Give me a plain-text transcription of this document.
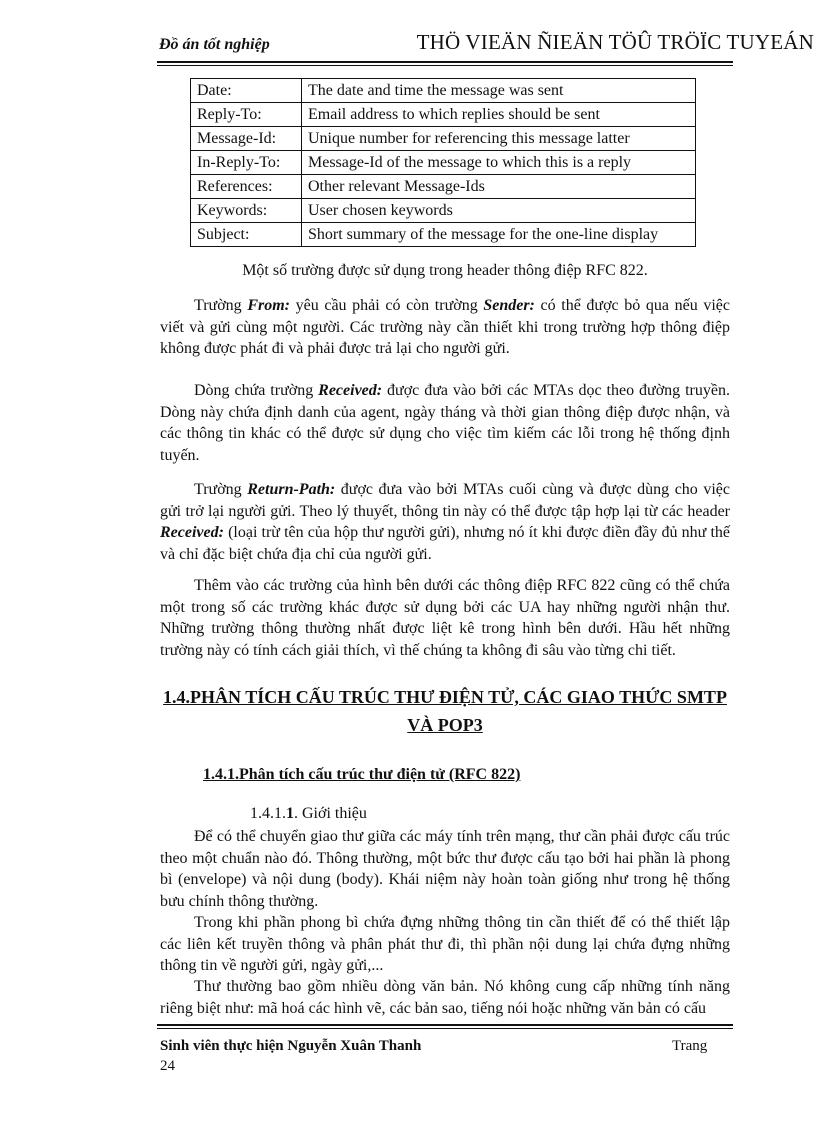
Đồ án tốt nghiệp	THÖ VIEÄN ÑIEÄN TÖÛ TRÖÏC TUYEÁN
Date:	The date and time the message was sent
Reply-To:	Email address to which replies should be sent
Message-Id:	Unique number for referencing this message latter
In-Reply-To:	Message-Id of the message to which this is a reply
References:	Other relevant Message-Ids
Keywords:	User chosen keywords
Subject:	Short summary of the message for the one-line display
Một số trường được sử dụng trong header thông điệp RFC 822.

Trường From: yêu cầu phải có còn trường Sender: có thể được bỏ qua nếu việc viết và gửi cùng một người. Các trường này cần thiết khi trong trường hợp thông điệp không được phát đi và phải được trả lại cho người gửi.

Dòng chứa trường Received: được đưa vào bởi các MTAs dọc theo đường truyền. Dòng này chứa định danh của agent, ngày tháng và thời gian thông điệp được nhận, và các thông tin khác có thể được sử dụng cho việc tìm kiếm các lỗi trong hệ thống định tuyến.

Trường Return-Path: được đưa vào bởi MTAs cuối cùng và được dùng cho việc gửi trở lại người gửi. Theo lý thuyết, thông tin này có thể được tập hợp lại từ các header Received: (loại trừ tên của hộp thư người gửi), nhưng nó ít khi được điền đầy đủ như thế và chỉ đặc biệt chứa địa chỉ của người gửi.

Thêm vào các trường của hình bên dưới các thông điệp RFC 822 cũng có thể chứa một trong số các trường khác được sử dụng bởi các UA hay những người nhận thư. Những trường thông thường nhất được liệt kê trong hình bên dưới. Hầu hết những trường này có tính cách giải thích, vì thế chúng ta không đi sâu vào từng chi tiết.

1.4.PHÂN TÍCH CẤU TRÚC THƯ ĐIỆN TỬ, CÁC GIAO THỨC SMTP
VÀ POP3
1.4.1.Phân tích cấu trúc thư điện tử (RFC 822)
1.4.1.1. Giới thiệu

Để có thể chuyển giao thư giữa các máy tính trên mạng, thư cần phải được cấu trúc theo một chuẩn nào đó. Thông thường, một bức thư được cấu tạo bởi hai phần là phong bì (envelope) và nội dung (body). Khái niệm này hoàn toàn giống như trong hệ thống bưu chính thông thường.

Trong khi phần phong bì chứa đựng những thông tin cần thiết để có thể thiết lập các liên kết truyền thông và phân phát thư đi, thì phần nội dung lại chứa đựng những thông tin về người gửi, ngày gửi,...

Thư thường bao gồm nhiều dòng văn bản. Nó không cung cấp những tính năng riêng biệt như: mã hoá các hình vẽ, các bản sao, tiếng nói hoặc những văn bản có cấu

Sinh viên thực hiện Nguyễn Xuân Thanh	Trang
24
